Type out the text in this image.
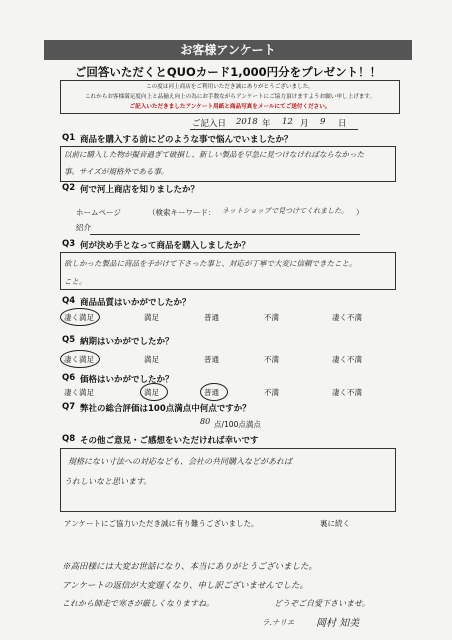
お客様アンケート
ご回答いただくとQUOカード1,000円分をプレゼント！！
この度は河上商店をご利用いただき誠にありがとうございました。
これからお客様満足度向上と品揃え向上の為にお手数ながらアンケートにご協力頂けますようお願い申し上げます。
ご記入いただきましたアンケート用紙と商品写真をメールにてご送付ください。
ご記入日 2018 年 12 月 9 日
Q1 商品を購入する前にどのような事で悩んでいましたか？
以前に購入した物が擬音過ぎて破損し、新しい製品を早急に見つけなければならなかった
事。サイズが規格外である事。
Q2 何で河上商店を知りましたか？
ホームページ	（検索キーワード： ネットショップで見つけてくれました。 ）
紹介
Q3 何が決め手となって商品を購入しましたか？
欲しかった製品に商品を手がけて下さった事と、対応が丁寧で大変に信頼できたこと。
こと。
Q4 商品品質はいかがでしたか？
凄く満足	満足	普通	不満	凄く不満
Q5 納期はいかがでしたか？
凄く満足	満足	普通	不満	凄く不満
Q6 価格はいかがでしたか？
凄く満足	満足	普通	不満	凄く不満
Q7 弊社の総合評価は100点満点中何点ですか？
80 点/100点満点
Q8 その他ご意見・ご感想をいただければ幸いです
規格にない寸法への対応なども、会社の共同購入などがあれば
うれしいなと思います。
アンケートにご協力いただき誠に有り難うございました。	裏に続く
※高田様には大変お世話になり、本当にありがとうございました。
アンケートの返信が大変遅くなり、申し訳ございませんでした。
これから師走で寒さが厳しくなりますね。	どうぞご自愛下さいませ。
ラ.ナリエ 岡村 知美
